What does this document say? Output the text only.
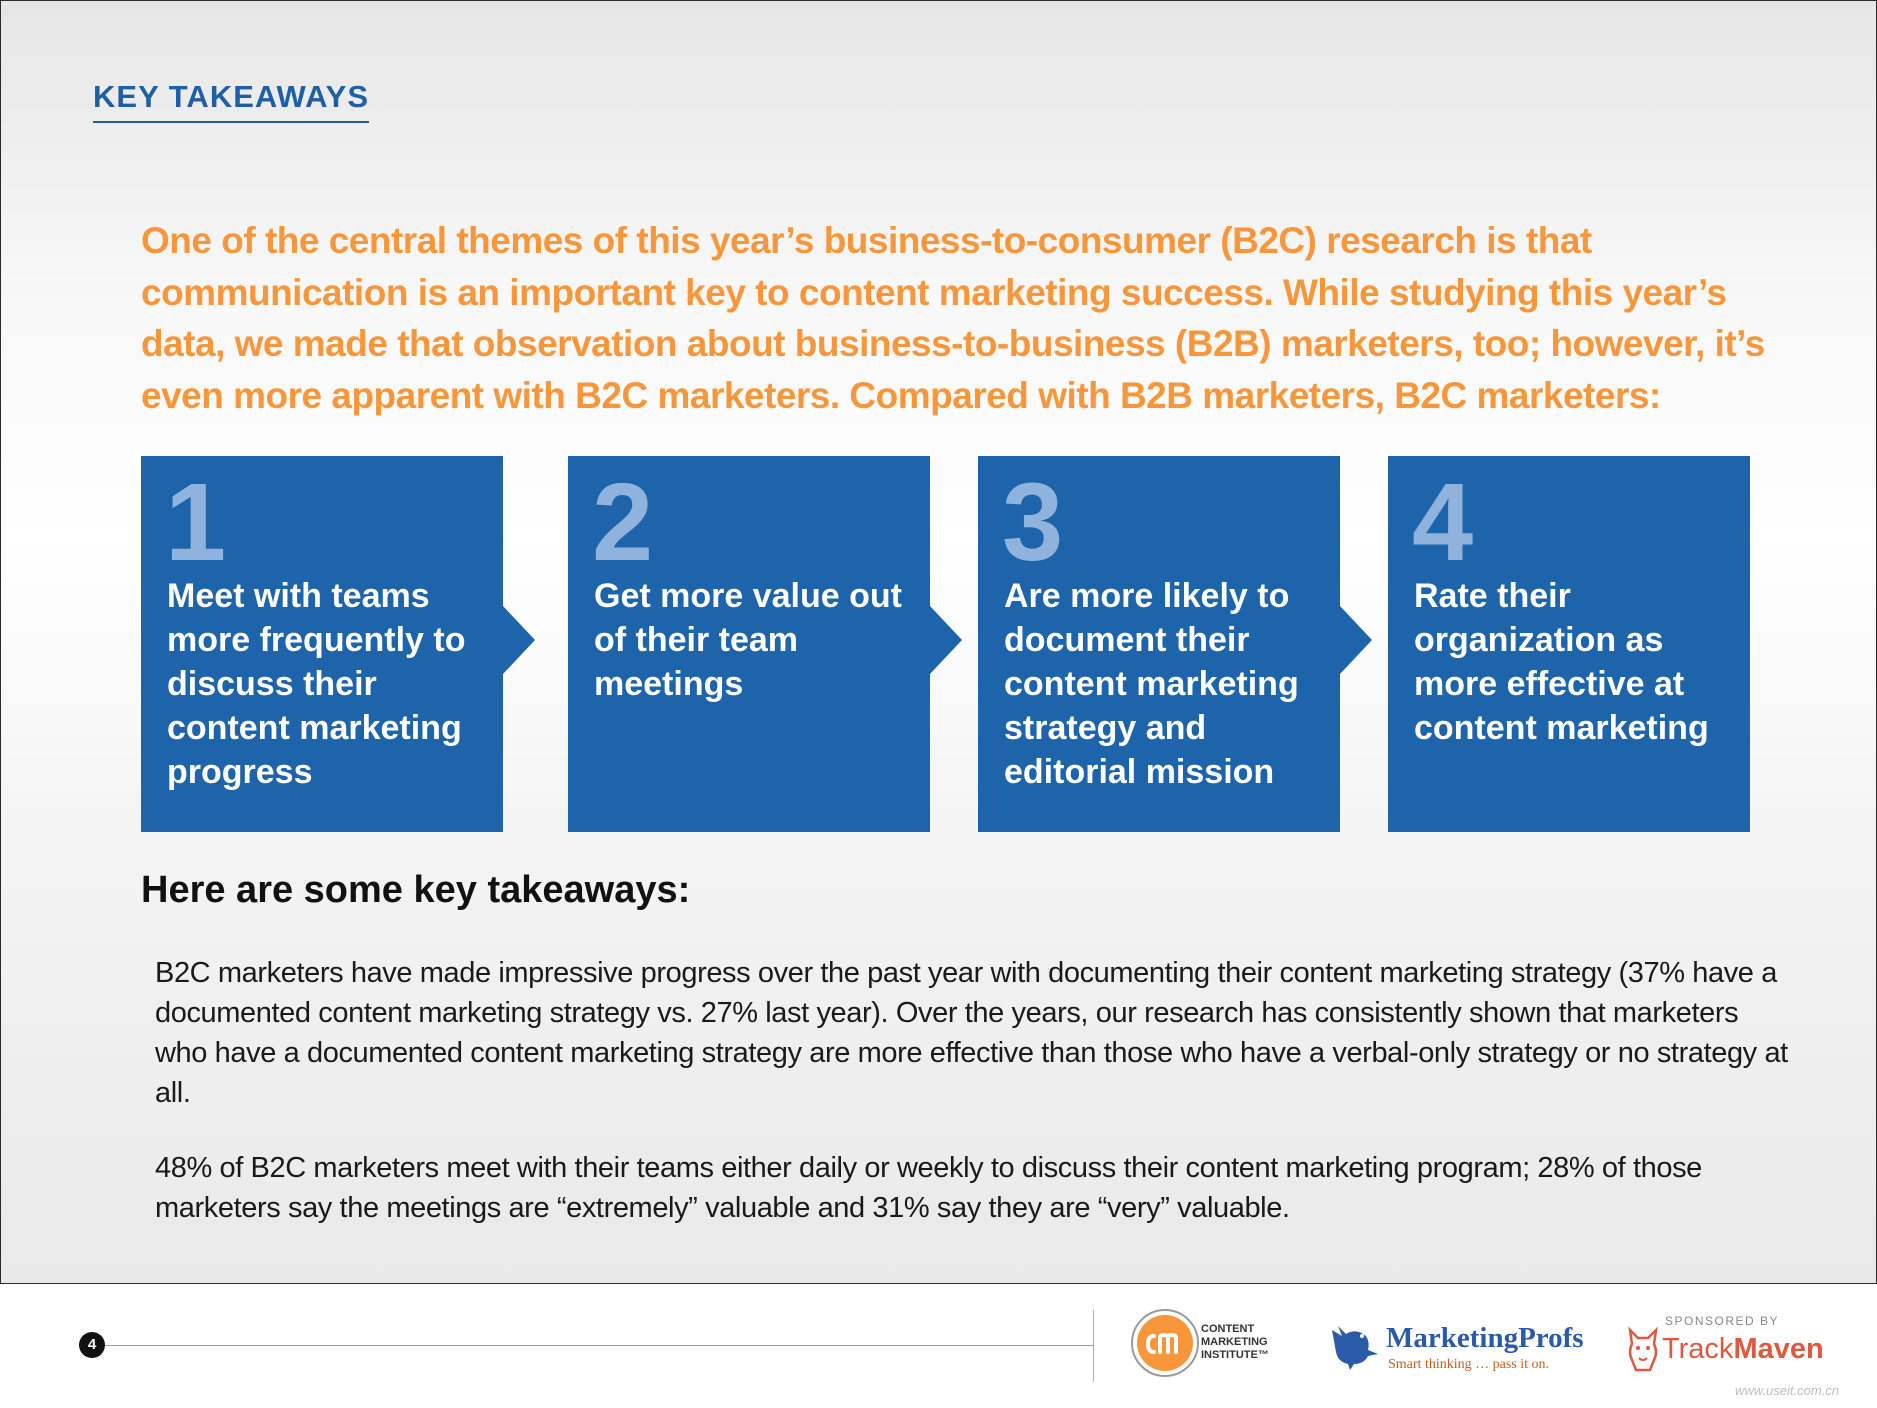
KEY TAKEAWAYS
One of the central themes of this year’s business-to-consumer (B2C) research is that communication is an important key to content marketing success. While studying this year’s data, we made that observation about business-to-business (B2B) marketers, too; however, it’s even more apparent with B2C marketers. Compared with B2B marketers, B2C marketers:
1
Meet with teams more frequently to discuss their content marketing progress
2
Get more value out of their team meetings
3
Are more likely to document their content marketing strategy and editorial mission
4
Rate their organization as more effective at content marketing
Here are some key takeaways:
B2C marketers have made impressive progress over the past year with documenting their content marketing strategy (37% have a documented content marketing strategy vs. 27% last year). Over the years, our research has consistently shown that marketers who have a documented content marketing strategy are more effective than those who have a verbal-only strategy or no strategy at all.
48% of B2C marketers meet with their teams either daily or weekly to discuss their content marketing program; 28% of those marketers say the meetings are “extremely” valuable and 31% say they are “very” valuable.
4
CONTENT
MARKETING
INSTITUTE™
MarketingProfs
Smart thinking … pass it on.
SPONSORED BY
TrackMaven
www.useit.com.cn
